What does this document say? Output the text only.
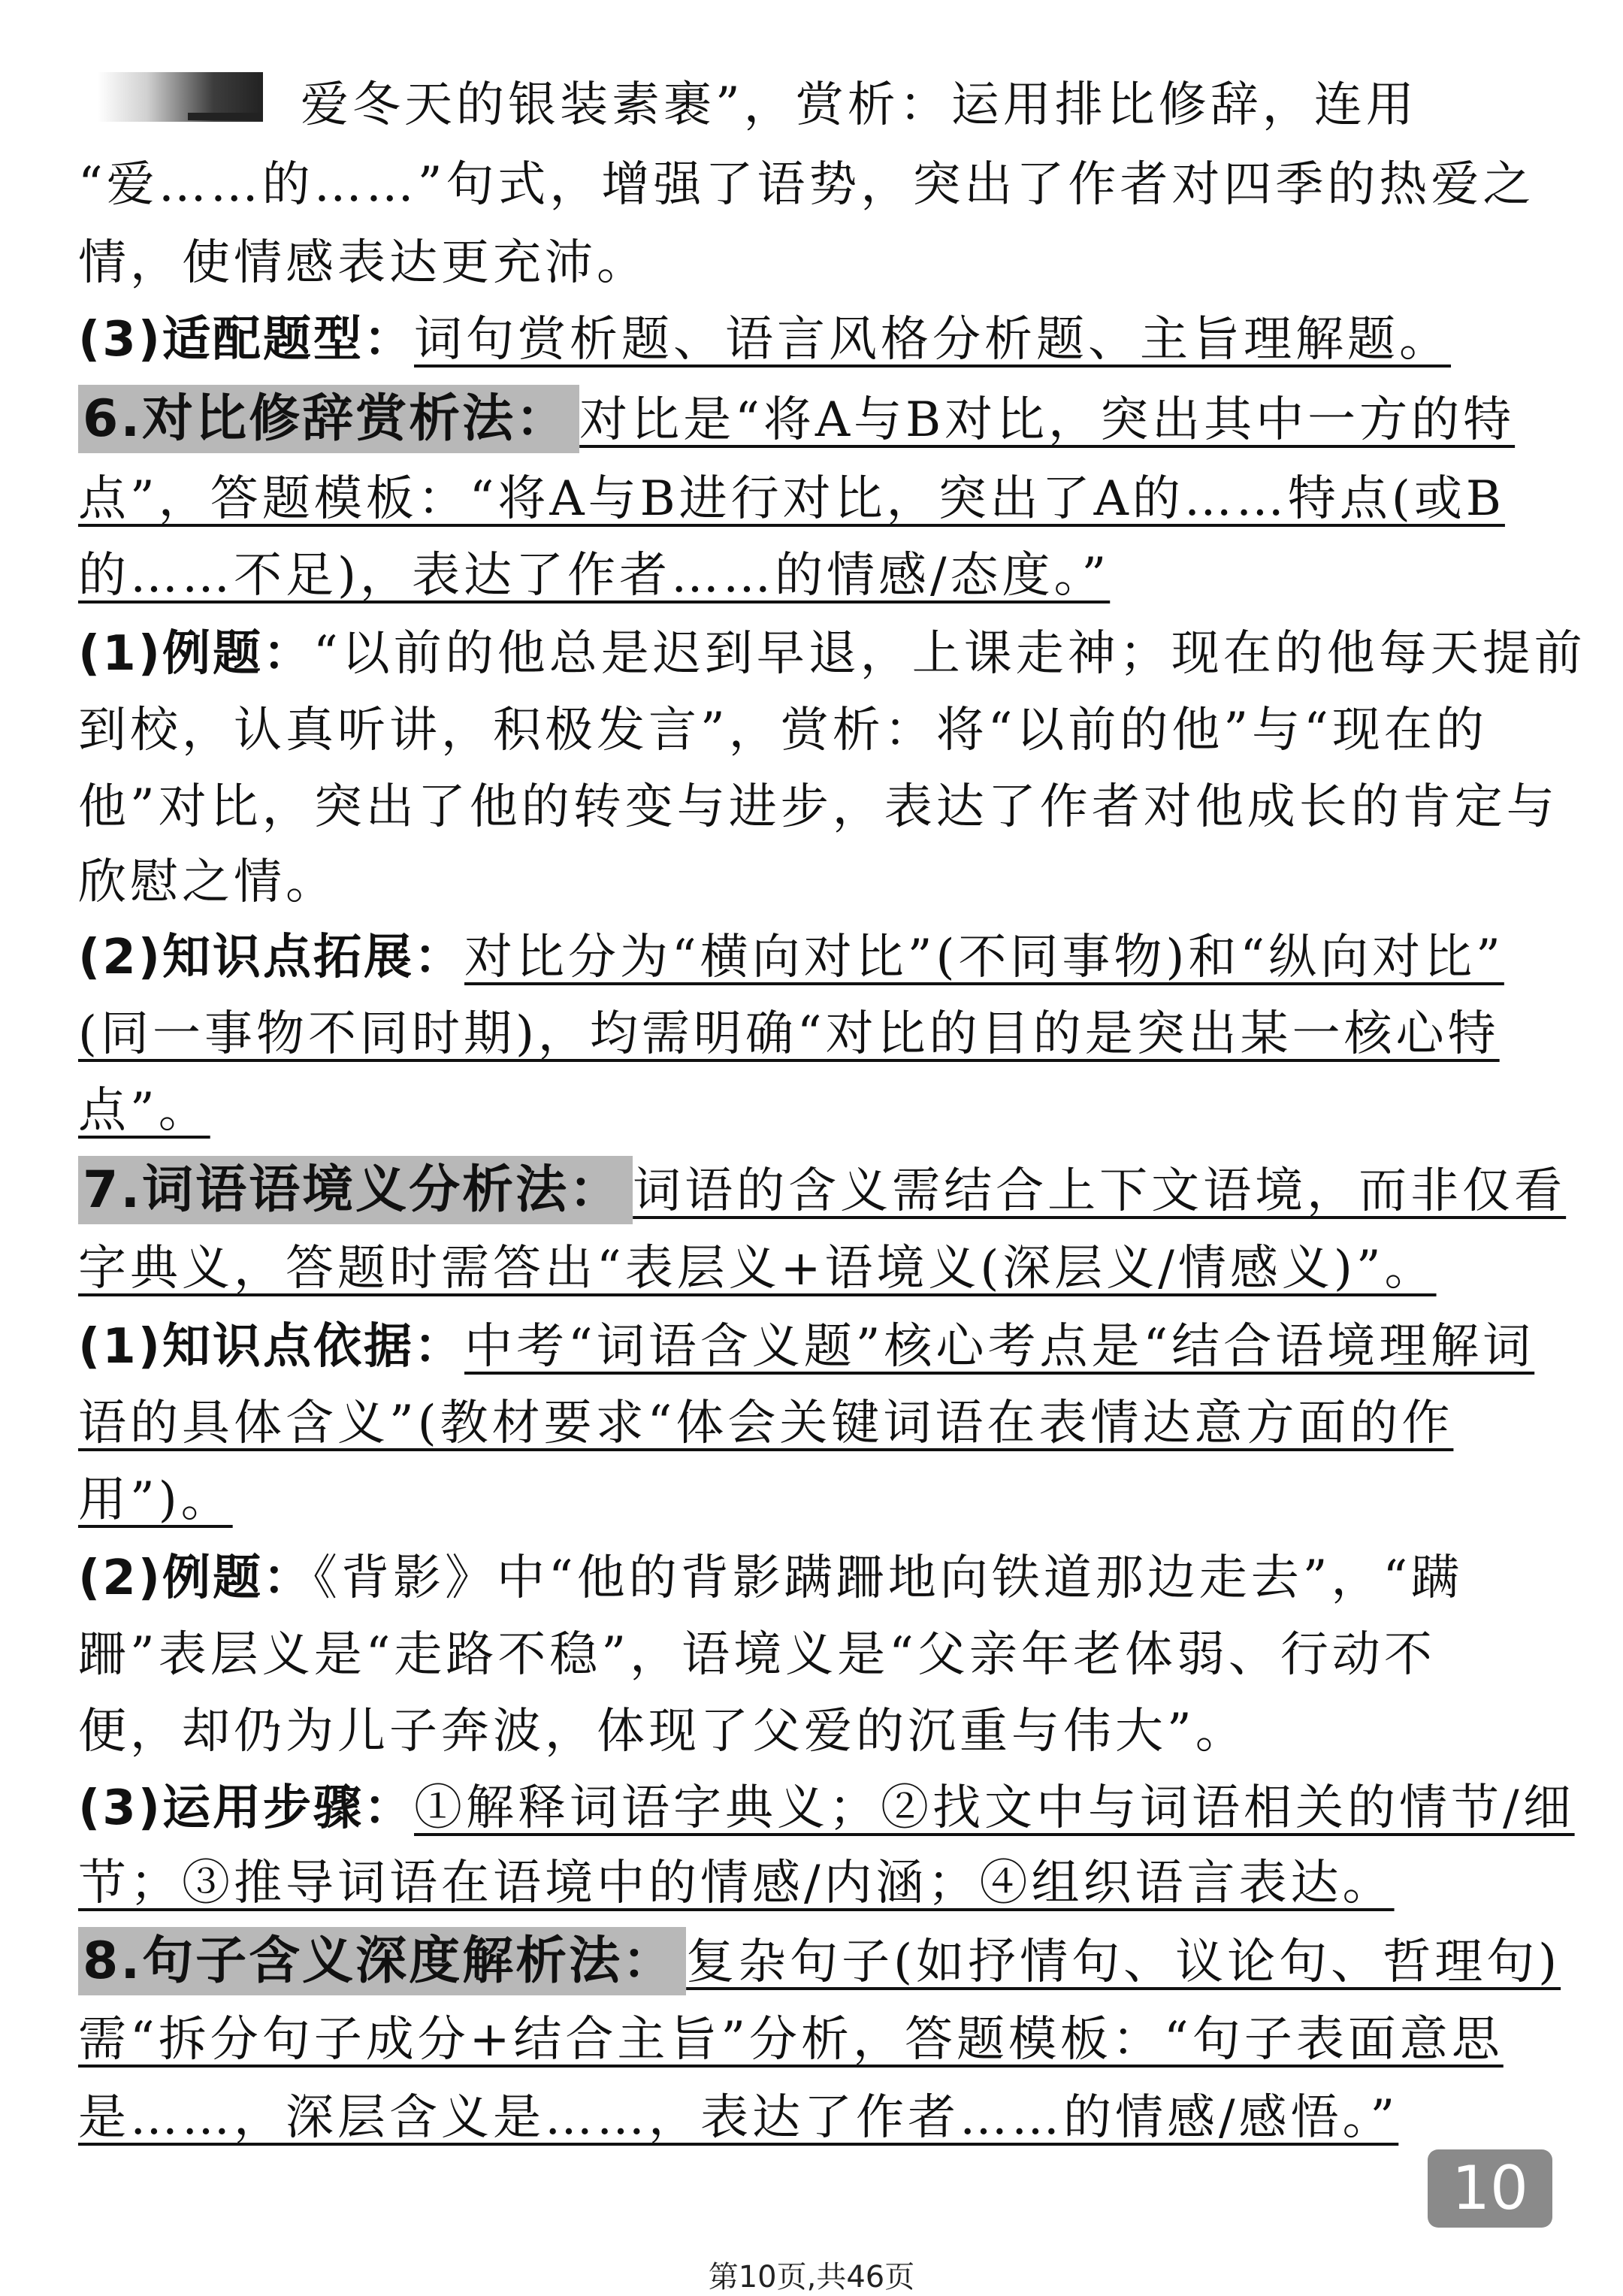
爱冬天的银装素裹”，赏析：运用排比修辞，连用
“爱……的……”句式，增强了语势，突出了作者对四季的热爱之
情，使情感表达更充沛。
(3)适配题型：词句赏析题、语言风格分析题、主旨理解题。
6.对比修辞赏析法： 对比是“将A与B对比，突出其中一方的特
点”，答题模板：“将A与B进行对比，突出了A的……特点(或B
的……不足)，表达了作者……的情感/态度。”
(1)例题：“以前的他总是迟到早退，上课走神；现在的他每天提前
到校，认真听讲，积极发言”，赏析：将“以前的他”与“现在的
他”对比，突出了他的转变与进步，表达了作者对他成长的肯定与
欣慰之情。
(2)知识点拓展：对比分为“横向对比”(不同事物)和“纵向对比”
(同一事物不同时期)，均需明确“对比的目的是突出某一核心特
点”。
7.词语语境义分析法： 词语的含义需结合上下文语境，而非仅看
字典义，答题时需答出“表层义+语境义(深层义/情感义)”。
(1)知识点依据：中考“词语含义题”核心考点是“结合语境理解词
语的具体含义”(教材要求“体会关键词语在表情达意方面的作
用”)。
(2)例题：《背影》中“他的背影蹒跚地向铁道那边走去”，“蹒
跚”表层义是“走路不稳”，语境义是“父亲年老体弱、行动不
便，却仍为儿子奔波，体现了父爱的沉重与伟大”。
(3)运用步骤：①解释词语字典义；②找文中与词语相关的情节/细
节；③推导词语在语境中的情感/内涵；④组织语言表达。
8.句子含义深度解析法： 复杂句子(如抒情句、议论句、哲理句)
需“拆分句子成分+结合主旨”分析，答题模板：“句子表面意思
是……，深层含义是……，表达了作者……的情感/感悟。”
10
第10页,共46页
